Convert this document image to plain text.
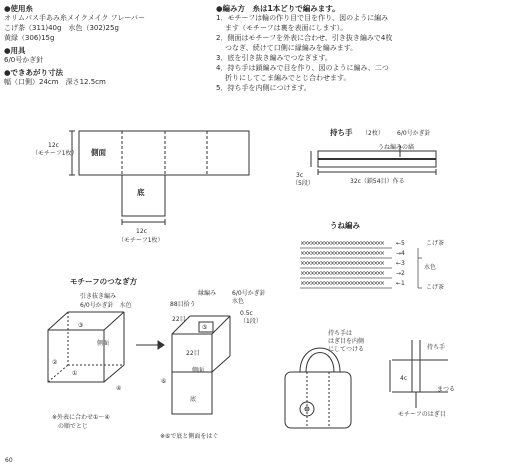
●使用糸
オリムパス手あみ糸メイクメイク フレーバー
こげ茶（311)40g　水色（302)25g
黄緑（306)15g
●用具
6/0号かぎ針
●できあがり寸法
幅（口側）24cm　深さ12.5cm
●編み方　糸は1本どりで編みます。
1．モチーフは輪の作り目で目を作り、図のように編み
ます（モチーフは裏を表面にします）。
2．側面はモチーフを外表に合わせ、引き抜き編みで4枚
つなぎ、続けて口側に縁編みを編みます。
3．底を引き抜き編みでつなぎます。
4．持ち手は鎖編みで目を作り、図のように編み、二つ
折りにしてこま編みでとじ合わせます。
5．持ち手を内側につけます。
側面
底
12c
（モチーフ1枚）
12c
（モチーフ1枚）
持ち手 （2枚） 6/0号かぎ針
うね編みの縞
3c
（5段）	32c（鎖54目）作る
うね編み
×××××××××××××××××××××××××
×××××××××××××××××××××××××
×××××××××××××××××××××××××
×××××××××××××××××××××××××
×××××××××××××××××××××××××
←5
→4
←3
→2
←1
こげ茶
水色
こげ茶
モチーフのつなぎ方
引き抜き編み
6/0号かぎ針　水色
側面
①
②
③
④
※外表に合わせ①～④
の順でとじ
縁編み	6/0号かぎ針
水色
88目拾う
22目
0.5c
（1段）
⑤
22目
側面
⑥
底
※⑥で底と側面をはぐ
持ち手は
はぎ目を内側
にしてつける	持ち手
4c
まつる
モチーフのはぎ目
60
